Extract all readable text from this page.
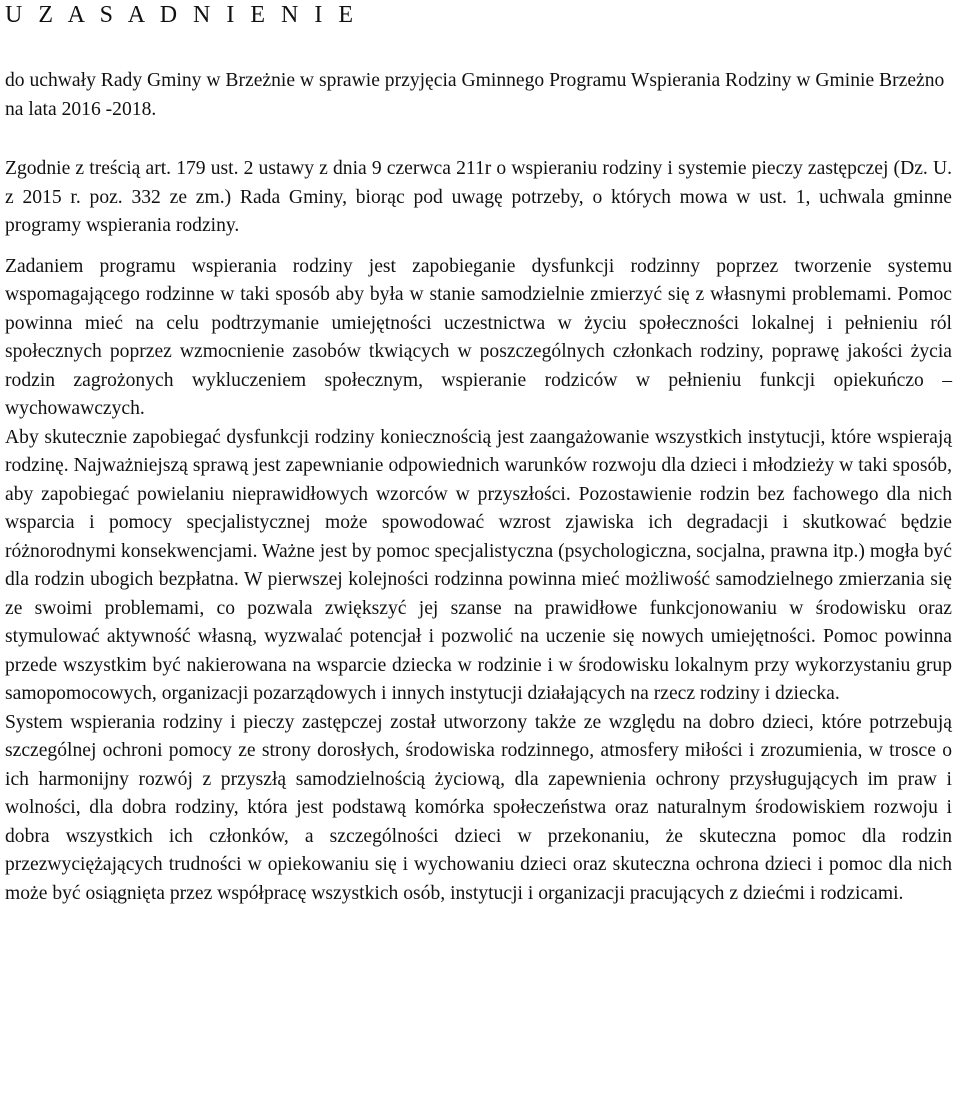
U Z A S A D N I E N I E

do uchwały Rady Gminy w Brzeżnie w sprawie przyjęcia Gminnego Programu Wspierania Rodziny w Gminie Brzeżno na lata 2016 -2018.

Zgodnie z treścią art. 179 ust. 2 ustawy z dnia 9 czerwca 211r o wspieraniu rodziny i systemie pieczy zastępczej (Dz. U. z 2015 r. poz. 332 ze zm.) Rada Gminy, biorąc pod uwagę potrzeby, o których mowa w ust. 1, uchwala gminne programy wspierania rodziny.

Zadaniem programu wspierania rodziny jest zapobieganie dysfunkcji rodzinny poprzez tworzenie systemu wspomagającego rodzinne w taki sposób aby była w stanie samodzielnie zmierzyć się z własnymi problemami. Pomoc powinna mieć na celu podtrzymanie umiejętności uczestnictwa w życiu społeczności lokalnej i pełnieniu ról społecznych poprzez wzmocnienie zasobów tkwiących w poszczególnych członkach rodziny, poprawę jakości życia rodzin zagrożonych wykluczeniem społecznym, wspieranie rodziców w pełnieniu funkcji opiekuńczo – wychowawczych.

Aby skutecznie zapobiegać dysfunkcji rodziny koniecznością jest zaangażowanie wszystkich instytucji, które wspierają rodzinę. Najważniejszą sprawą jest zapewnianie odpowiednich warunków rozwoju dla dzieci i młodzieży w taki sposób, aby zapobiegać powielaniu nieprawidłowych wzorców w przyszłości. Pozostawienie rodzin bez fachowego dla nich wsparcia i pomocy specjalistycznej może spowodować wzrost zjawiska ich degradacji i skutkować będzie różnorodnymi konsekwencjami. Ważne jest by pomoc specjalistyczna (psychologiczna, socjalna, prawna itp.) mogła być dla rodzin ubogich bezpłatna. W pierwszej kolejności rodzinna powinna mieć możliwość samodzielnego zmierzania się ze swoimi problemami, co pozwala zwiększyć jej szanse na prawidłowe funkcjonowaniu w środowisku oraz stymulować aktywność własną, wyzwalać potencjał i pozwolić na uczenie się nowych umiejętności. Pomoc powinna przede wszystkim być nakierowana na wsparcie dziecka w rodzinie i w środowisku lokalnym przy wykorzystaniu grup samopomocowych, organizacji pozarządowych i innych instytucji działających na rzecz rodziny i dziecka.

System wspierania rodziny i pieczy zastępczej został utworzony także ze względu na dobro dzieci, które potrzebują szczególnej ochroni pomocy ze strony dorosłych, środowiska rodzinnego, atmosfery miłości i zrozumienia, w trosce o ich harmonijny rozwój z przyszłą samodzielnością życiową, dla zapewnienia ochrony przysługujących im praw i wolności, dla dobra rodziny, która jest podstawą komórka społeczeństwa oraz naturalnym środowiskiem rozwoju i dobra wszystkich ich członków, a szczególności dzieci w przekonaniu, że skuteczna pomoc dla rodzin przezwyciężających trudności w opiekowaniu się i wychowaniu dzieci oraz skuteczna ochrona dzieci i pomoc dla nich może być osiągnięta przez współpracę wszystkich osób, instytucji i organizacji pracujących z dziećmi i rodzicami.
